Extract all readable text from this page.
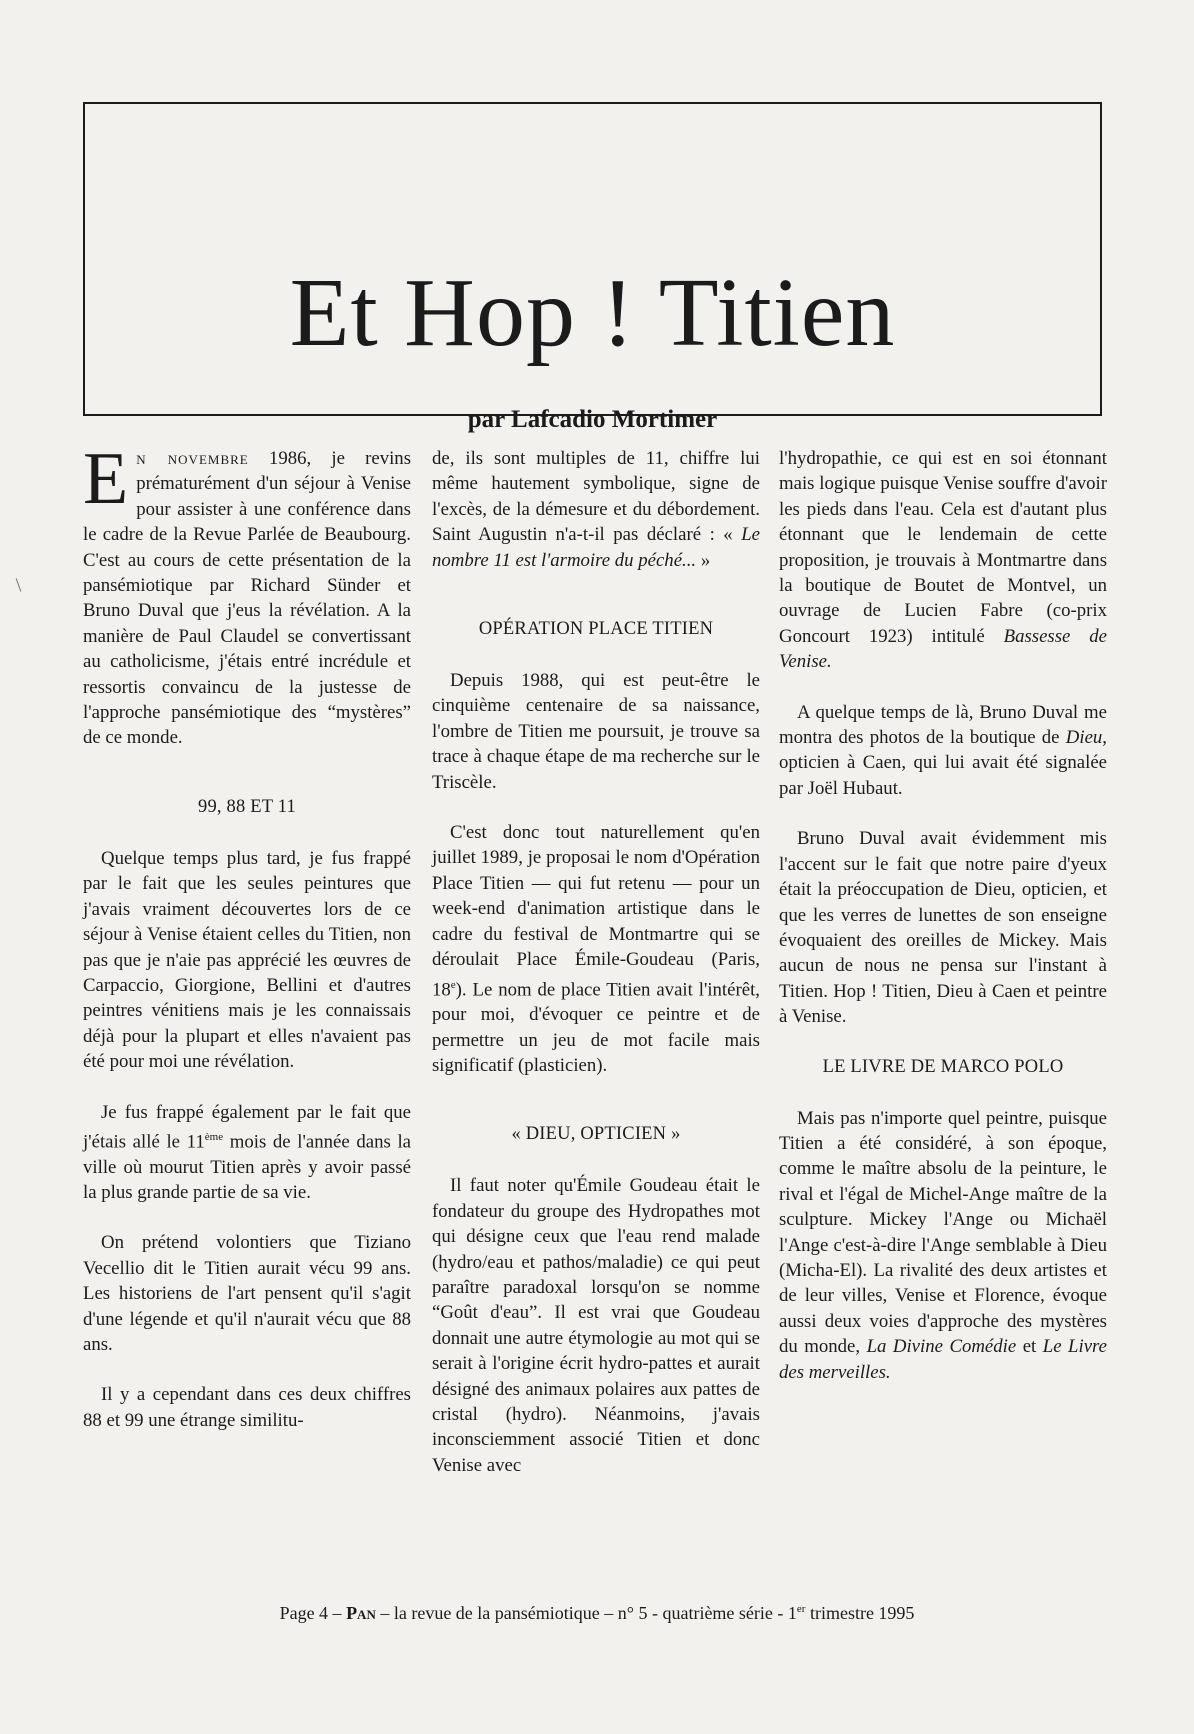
Et Hop ! Titien

par Lafcadio Mortimer

En novembre 1986, je revins prématurément d'un séjour à Venise pour assister à une conférence dans le cadre de la Revue Parlée de Beaubourg. C'est au cours de cette présentation de la pansémiotique par Richard Sünder et Bruno Duval que j'eus la révélation. A la manière de Paul Claudel se convertissant au catholicisme, j'étais entré incrédule et ressortis convaincu de la justesse de l'approche pansémiotique des “mystères” de ce monde.

99, 88 ET 11

Quelque temps plus tard, je fus frappé par le fait que les seules peintures que j'avais vraiment découvertes lors de ce séjour à Venise étaient celles du Titien, non pas que je n'aie pas apprécié les œuvres de Carpaccio, Giorgione, Bellini et d'autres peintres vénitiens mais je les connaissais déjà pour la plupart et elles n'avaient pas été pour moi une révélation.

Je fus frappé également par le fait que j'étais allé le 11ème mois de l'année dans la ville où mourut Titien après y avoir passé la plus grande partie de sa vie.

On prétend volontiers que Tiziano Vecellio dit le Titien aurait vécu 99 ans. Les historiens de l'art pensent qu'il s'agit d'une légende et qu'il n'aurait vécu que 88 ans.

Il y a cependant dans ces deux chiffres 88 et 99 une étrange similitu-

de, ils sont multiples de 11, chiffre lui même hautement symbolique, signe de l'excès, de la démesure et du débordement. Saint Augustin n'a-t-il pas déclaré : « Le nombre 11 est l'armoire du péché... »

OPÉRATION PLACE TITIEN

Depuis 1988, qui est peut-être le cinquième centenaire de sa naissance, l'ombre de Titien me poursuit, je trouve sa trace à chaque étape de ma recherche sur le Triscèle.

C'est donc tout naturellement qu'en juillet 1989, je proposai le nom d'Opération Place Titien — qui fut retenu — pour un week-end d'animation artistique dans le cadre du festival de Montmartre qui se déroulait Place Émile-Goudeau (Paris, 18e). Le nom de place Titien avait l'intérêt, pour moi, d'évoquer ce peintre et de permettre un jeu de mot facile mais significatif (plasticien).

« DIEU, OPTICIEN »

Il faut noter qu'Émile Goudeau était le fondateur du groupe des Hydropathes mot qui désigne ceux que l'eau rend malade (hydro/eau et pathos/maladie) ce qui peut paraître paradoxal lorsqu'on se nomme “Goût d'eau”. Il est vrai que Goudeau donnait une autre étymologie au mot qui se serait à l'origine écrit hydro-pattes et aurait désigné des animaux polaires aux pattes de cristal (hydro). Néanmoins, j'avais inconsciemment associé Titien et donc Venise avec

l'hydropathie, ce qui est en soi étonnant mais logique puisque Venise souffre d'avoir les pieds dans l'eau. Cela est d'autant plus étonnant que le lendemain de cette proposition, je trouvais à Montmartre dans la boutique de Boutet de Montvel, un ouvrage de Lucien Fabre (co-prix Goncourt 1923) intitulé Bassesse de Venise.

A quelque temps de là, Bruno Duval me montra des photos de la boutique de Dieu, opticien à Caen, qui lui avait été signalée par Joël Hubaut.

Bruno Duval avait évidemment mis l'accent sur le fait que notre paire d'yeux était la préoccupation de Dieu, opticien, et que les verres de lunettes de son enseigne évoquaient des oreilles de Mickey. Mais aucun de nous ne pensa sur l'instant à Titien. Hop ! Titien, Dieu à Caen et peintre à Venise.

LE LIVRE DE MARCO POLO

Mais pas n'importe quel peintre, puisque Titien a été considéré, à son époque, comme le maître absolu de la peinture, le rival et l'égal de Michel-Ange maître de la sculpture. Mickey l'Ange ou Michaël l'Ange c'est-à-dire l'Ange semblable à Dieu (Micha-El). La rivalité des deux artistes et de leur villes, Venise et Florence, évoque aussi deux voies d'approche des mystères du monde, La Divine Comédie et Le Livre des merveilles.

Page 4 – Pan – la revue de la pansémiotique – n° 5 - quatrième série - 1er trimestre 1995
